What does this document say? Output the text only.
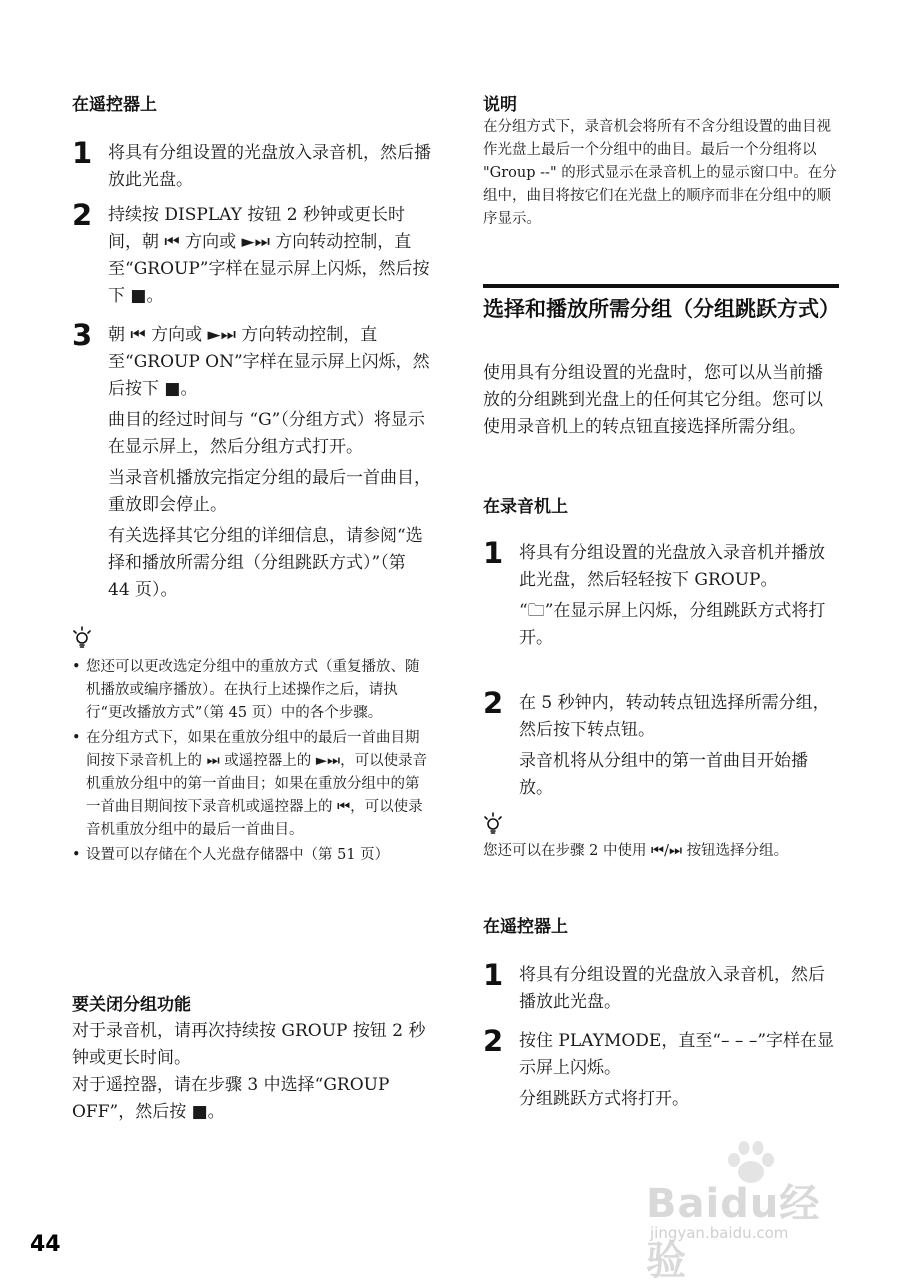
在遥控器上
1 将具有分组设置的光盘放入录音机，然后播放此光盘。

2 持续按 DISPLAY 按钮 2 秒钟或更长时间，朝 ⏮ 方向或 ►⏭ 方向转动控制，直至“GROUP”字样在显示屏上闪烁，然后按下 ■。

3 朝 ⏮ 方向或 ►⏭ 方向转动控制，直至“GROUP ON”字样在显示屏上闪烁，然后按下 ■。

曲目的经过时间与 “G”（分组方式）将显示在显示屏上，然后分组方式打开。

当录音机播放完指定分组的最后一首曲目，重放即会停止。

有关选择其它分组的详细信息，请参阅“选择和播放所需分组（分组跳跃方式）”（第 44 页）。

• 您还可以更改选定分组中的重放方式（重复播放、随机播放或编序播放）。在执行上述操作之后，请执行“更改播放方式”（第 45 页）中的各个步骤。
• 在分组方式下，如果在重放分组中的最后一首曲目期间按下录音机上的 ⏭ 或遥控器上的 ►⏭，可以使录音机重放分组中的第一首曲目；如果在重放分组中的第一首曲目期间按下录音机或遥控器上的 ⏮，可以使录音机重放分组中的最后一首曲目。
• 设置可以存储在个人光盘存储器中（第 51 页）
要关闭分组功能
对于录音机，请再次持续按 GROUP 按钮 2 秒钟或更长时间。
对于遥控器，请在步骤 3 中选择“GROUP OFF”，然后按 ■。
说明
在分组方式下，录音机会将所有不含分组设置的曲目视作光盘上最后一个分组中的曲目。最后一个分组将以 "Group --" 的形式显示在录音机上的显示窗口中。在分组中，曲目将按它们在光盘上的顺序而非在分组中的顺序显示。
选择和播放所需分组（分组跳跃方式）
使用具有分组设置的光盘时，您可以从当前播放的分组跳到光盘上的任何其它分组。您可以使用录音机上的转点钮直接选择所需分组。
在录音机上
1 将具有分组设置的光盘放入录音机并播放此光盘，然后轻轻按下 GROUP。

“🗀”在显示屏上闪烁，分组跳跃方式将打开。

2 在 5 秒钟内，转动转点钮选择所需分组，然后按下转点钮。

录音机将从分组中的第一首曲目开始播放。

您还可以在步骤 2 中使用 ⏮/⏭ 按钮选择分组。
在遥控器上
1 将具有分组设置的光盘放入录音机，然后播放此光盘。

2 按住 PLAYMODE，直至“– – –”字样在显示屏上闪烁。

分组跳跃方式将打开。

44
Baidu经验
jingyan.baidu.com
